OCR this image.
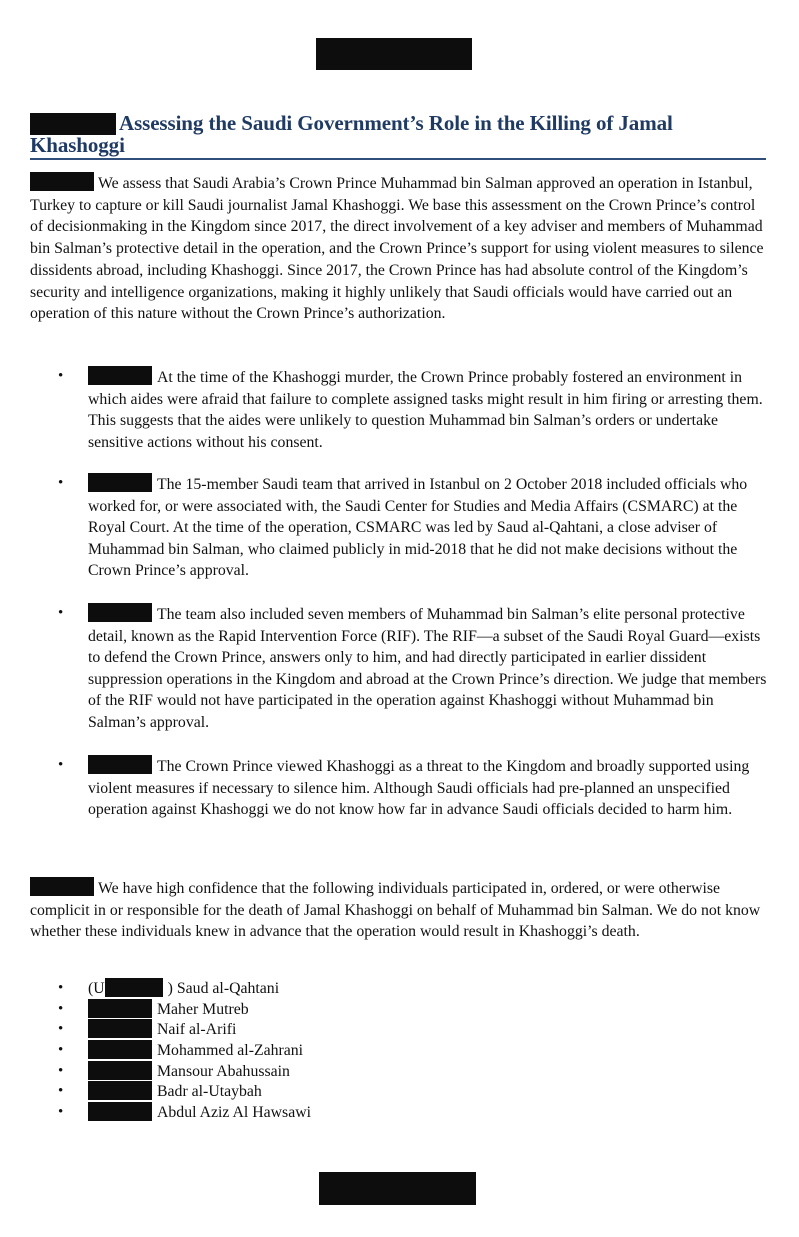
Assessing the Saudi Government’s Role in the Killing of Jamal Khashoggi

We assess that Saudi Arabia’s Crown Prince Muhammad bin Salman approved an operation in Istanbul, Turkey to capture or kill Saudi journalist Jamal Khashoggi. We base this assessment on the Crown Prince’s control of decisionmaking in the Kingdom since 2017, the direct involvement of a key adviser and members of Muhammad bin Salman’s protective detail in the operation, and the Crown Prince’s support for using violent measures to silence dissidents abroad, including Khashoggi. Since 2017, the Crown Prince has had absolute control of the Kingdom’s security and intelligence organizations, making it highly unlikely that Saudi officials would have carried out an operation of this nature without the Crown Prince’s authorization.

•	At the time of the Khashoggi murder, the Crown Prince probably fostered an environment in which aides were afraid that failure to complete assigned tasks might result in him firing or arresting them. This suggests that the aides were unlikely to question Muhammad bin Salman’s orders or undertake sensitive actions without his consent.
•	The 15-member Saudi team that arrived in Istanbul on 2 October 2018 included officials who worked for, or were associated with, the Saudi Center for Studies and Media Affairs (CSMARC) at the Royal Court. At the time of the operation, CSMARC was led by Saud al-Qahtani, a close adviser of Muhammad bin Salman, who claimed publicly in mid-2018 that he did not make decisions without the Crown Prince’s approval.
•	The team also included seven members of Muhammad bin Salman’s elite personal protective detail, known as the Rapid Intervention Force (RIF). The RIF—a subset of the Saudi Royal Guard—exists to defend the Crown Prince, answers only to him, and had directly participated in earlier dissident suppression operations in the Kingdom and abroad at the Crown Prince’s direction. We judge that members of the RIF would not have participated in the operation against Khashoggi without Muhammad bin Salman’s approval.
•	The Crown Prince viewed Khashoggi as a threat to the Kingdom and broadly supported using violent measures if necessary to silence him. Although Saudi officials had pre-planned an unspecified operation against Khashoggi we do not know how far in advance Saudi officials decided to harm him.

We have high confidence that the following individuals participated in, ordered, or were otherwise complicit in or responsible for the death of Jamal Khashoggi on behalf of Muhammad bin Salman. We do not know whether these individuals knew in advance that the operation would result in Khashoggi’s death.

• (U	) Saud al-Qahtani
•	Maher Mutreb
•	Naif al-Arifi
•	Mohammed al-Zahrani
•	Mansour Abahussain
•	Badr al-Utaybah
•	Abdul Aziz Al Hawsawi
